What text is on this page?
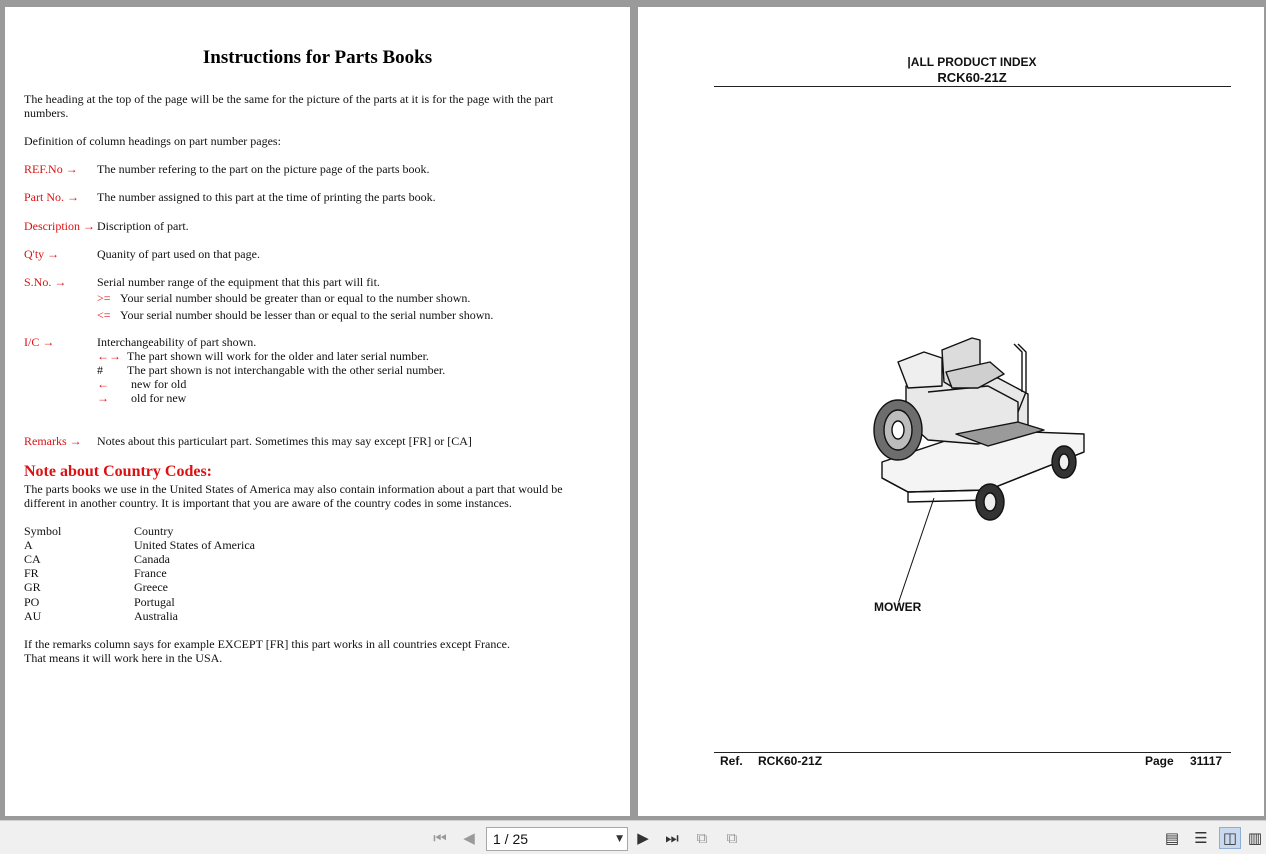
Instructions for Parts Books
The heading at the top of the page will be the same for the picture of the parts at it is for the page with the part numbers.
Definition of column headings on part number pages:
REF.No → The number refering to the part on the picture page of the parts book.
Part No. → The number assigned to this part at the time of printing the parts book.
Description → Discription of part.
Q'ty →	Quanity of part used on that page.
S.No. →	Serial number range of the equipment that this part will fit.
>= Your serial number should be greater than or equal to the number shown.
<= Your serial number should be lesser than or equal to the serial number shown.
I/C →	Interchangeability of part shown.
←→ The part shown will work for the older and later serial number.
# The part shown is not interchangable with the other serial number.
← new for old
→ old for new
Remarks → Notes about this particulart part. Sometimes this may say except [FR] or [CA]
Note about Country Codes:
The parts books we use in the United States of America may also contain information about a part that would be different in another country. It is important that you are aware of the country codes in some instances.
Symbol	Country
A	United States of America
CA	Canada
FR	France
GR	Greece
PO	Portugal
AU	Australia
If the remarks column says for example EXCEPT [FR] this part works in all countries except France.
That means it will work here in the USA.
|ALL PRODUCT INDEX
RCK60-21Z
MOWER
Ref. RCK60-21Z	Page 31117
⏮	◀	1 / 25	▼ ▶	⏭	⧉	⧉	▤ ☰ ◫ ▥
